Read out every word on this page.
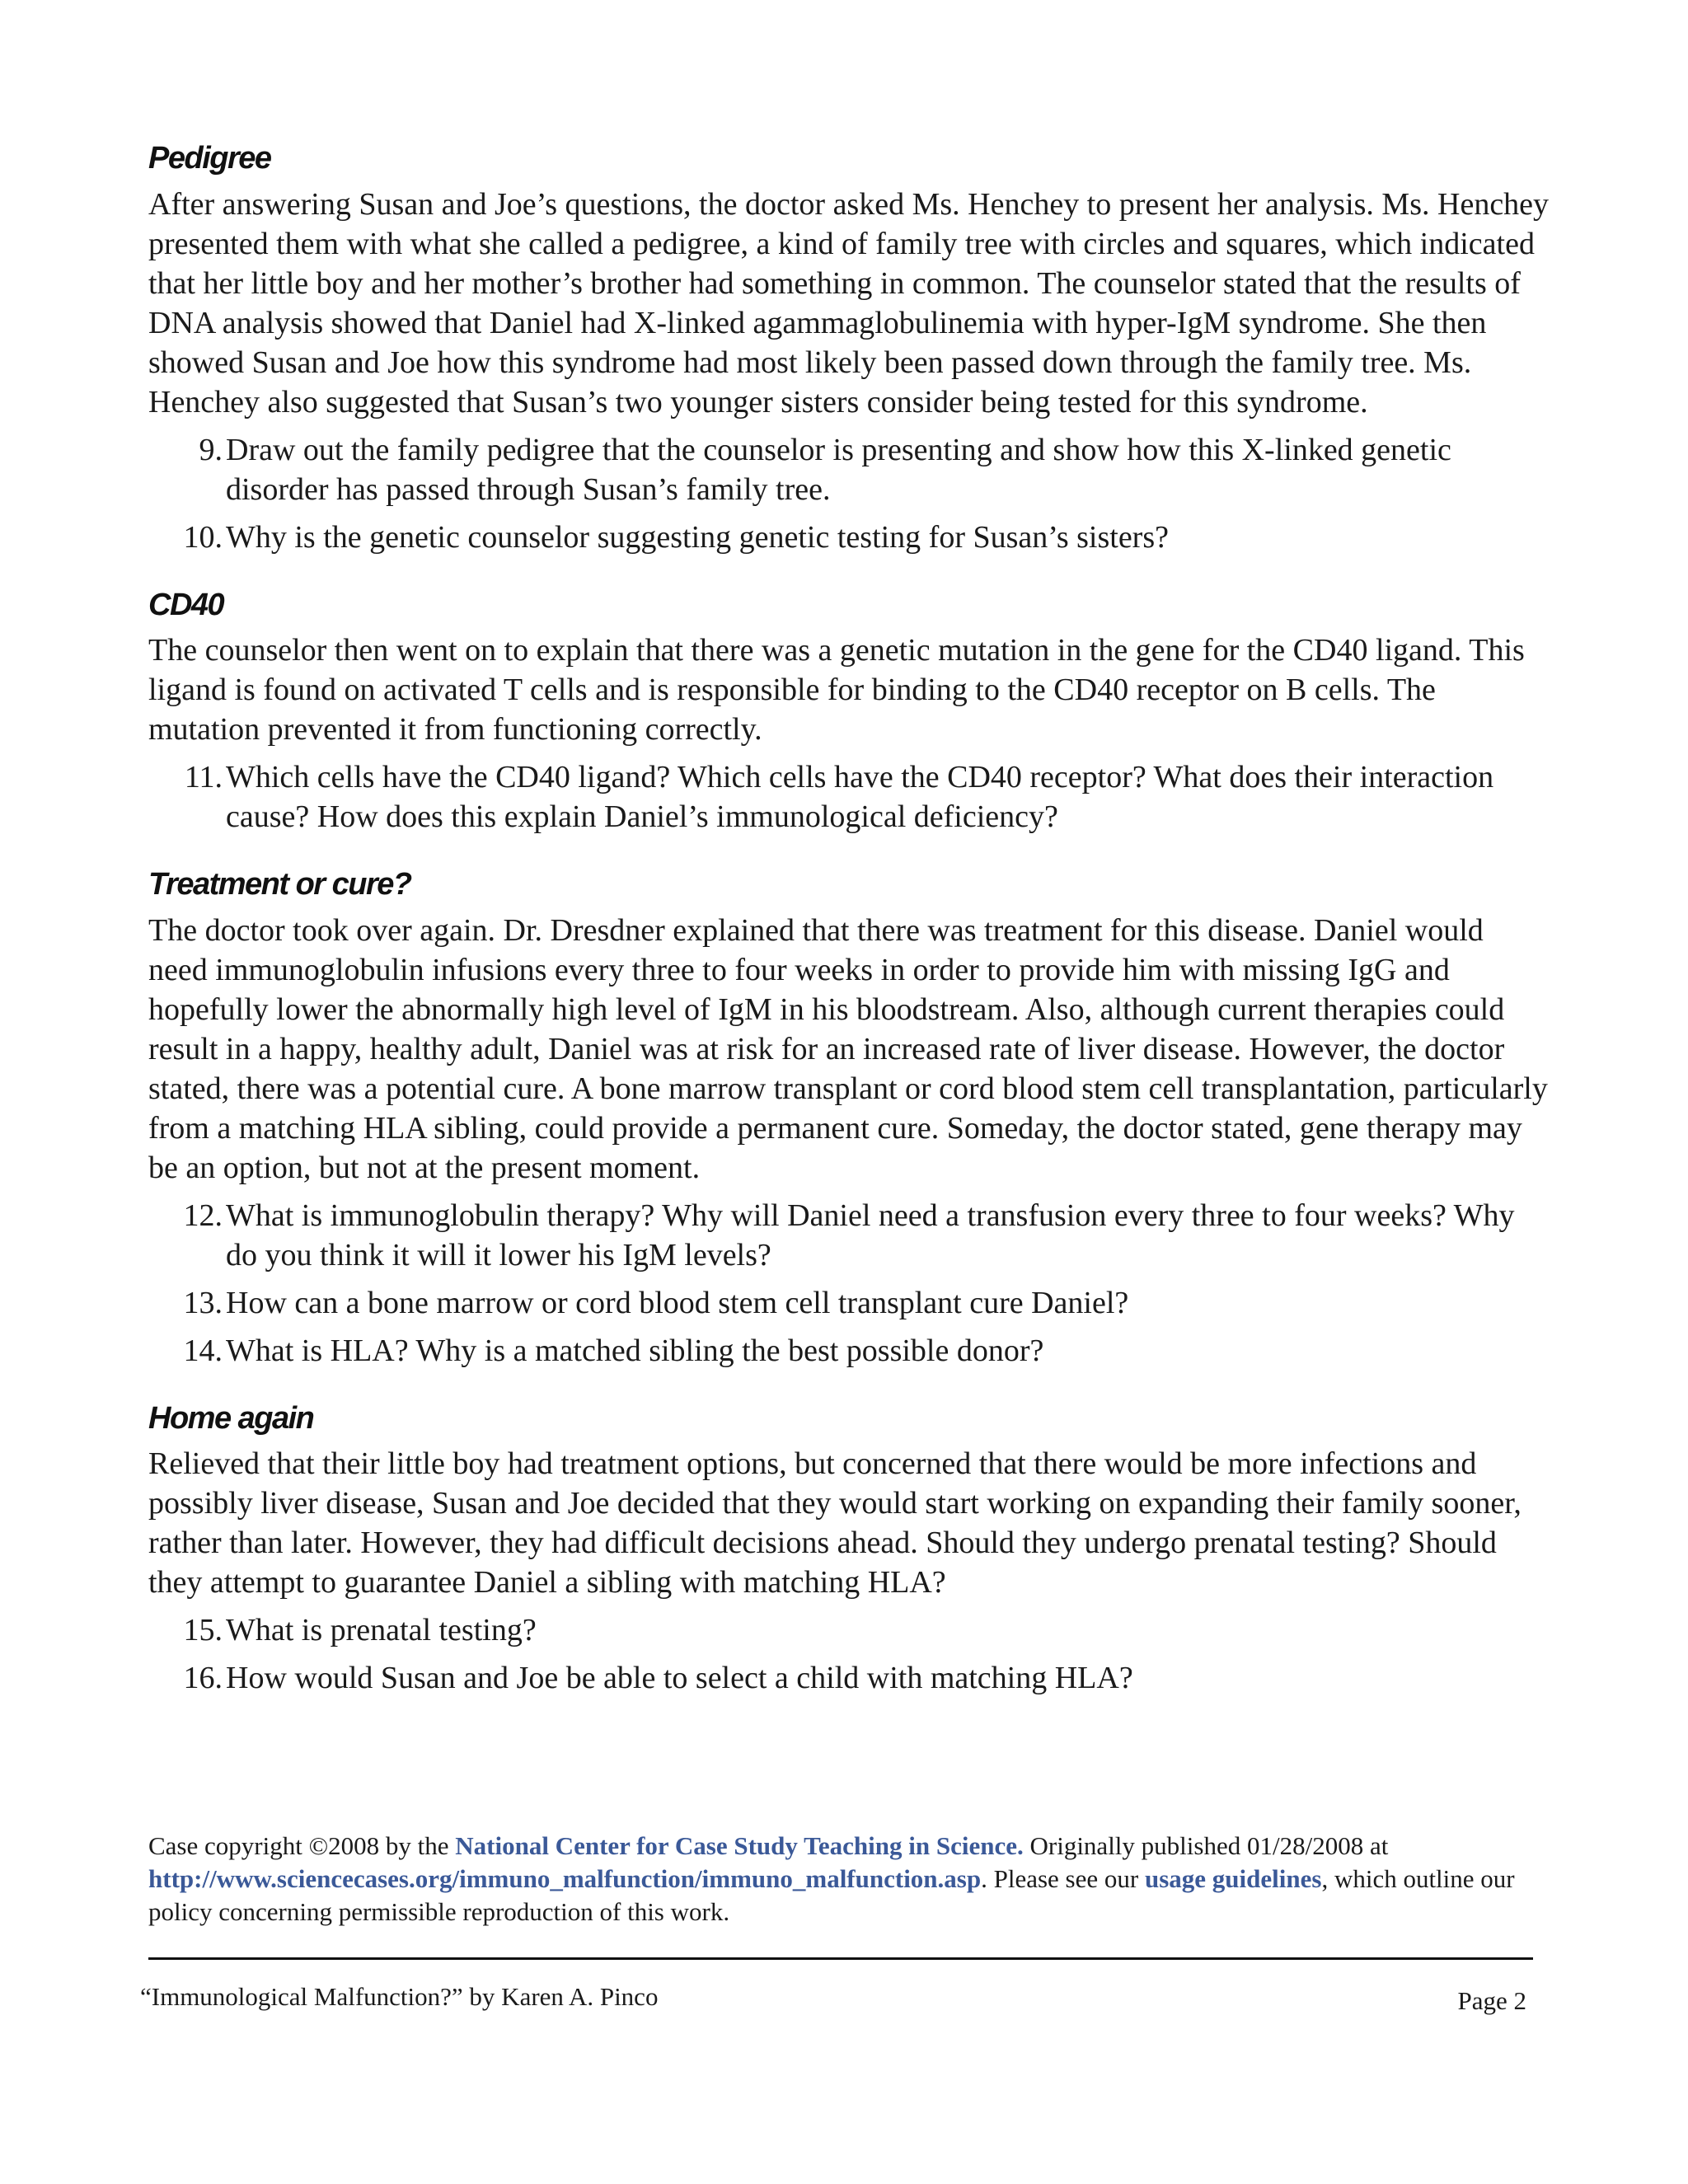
Pedigree

After answering Susan and Joe’s questions, the doctor asked Ms. Henchey to present her analysis. Ms. Henchey presented them with what she called a pedigree, a kind of family tree with circles and squares, which indicated that her little boy and her mother’s brother had something in common. The counselor stated that the results of DNA analysis showed that Daniel had X-linked agammaglobulinemia with hyper-IgM syndrome. She then showed Susan and Joe how this syndrome had most likely been passed down through the family tree. Ms. Henchey also suggested that Susan’s two younger sisters consider being tested for this syndrome.

9. Draw out the family pedigree that the counselor is presenting and show how this X-linked genetic disorder has passed through Susan’s family tree.
10. Why is the genetic counselor suggesting genetic testing for Susan’s sisters?
CD40

The counselor then went on to explain that there was a genetic mutation in the gene for the CD40 ligand. This ligand is found on activated T cells and is responsible for binding to the CD40 receptor on B cells. The mutation prevented it from functioning correctly.

11. Which cells have the CD40 ligand? Which cells have the CD40 receptor? What does their interaction cause? How does this explain Daniel’s immunological deficiency?
Treatment or cure?

The doctor took over again. Dr. Dresdner explained that there was treatment for this disease. Daniel would need immunoglobulin infusions every three to four weeks in order to provide him with missing IgG and hopefully lower the abnormally high level of IgM in his bloodstream. Also, although current therapies could result in a happy, healthy adult, Daniel was at risk for an increased rate of liver disease. However, the doctor stated, there was a potential cure. A bone marrow transplant or cord blood stem cell transplantation, particularly from a matching HLA sibling, could provide a permanent cure. Someday, the doctor stated, gene therapy may be an option, but not at the present moment.

12. What is immunoglobulin therapy? Why will Daniel need a transfusion every three to four weeks? Why do you think it will it lower his IgM levels?
13. How can a bone marrow or cord blood stem cell transplant cure Daniel?
14. What is HLA? Why is a matched sibling the best possible donor?
Home again

Relieved that their little boy had treatment options, but concerned that there would be more infections and possibly liver disease, Susan and Joe decided that they would start working on expanding their family sooner, rather than later. However, they had difficult decisions ahead. Should they undergo prenatal testing? Should they attempt to guarantee Daniel a sibling with matching HLA?

15. What is prenatal testing?
16. How would Susan and Joe be able to select a child with matching HLA?
Case copyright ©2008 by the National Center for Case Study Teaching in Science. Originally published 01/28/2008 at http://www.sciencecases.org/immuno_malfunction/immuno_malfunction.asp. Please see our usage guidelines, which outline our policy concerning permissible reproduction of this work.
“Immunological Malfunction?” by Karen A. Pinco	Page 2
